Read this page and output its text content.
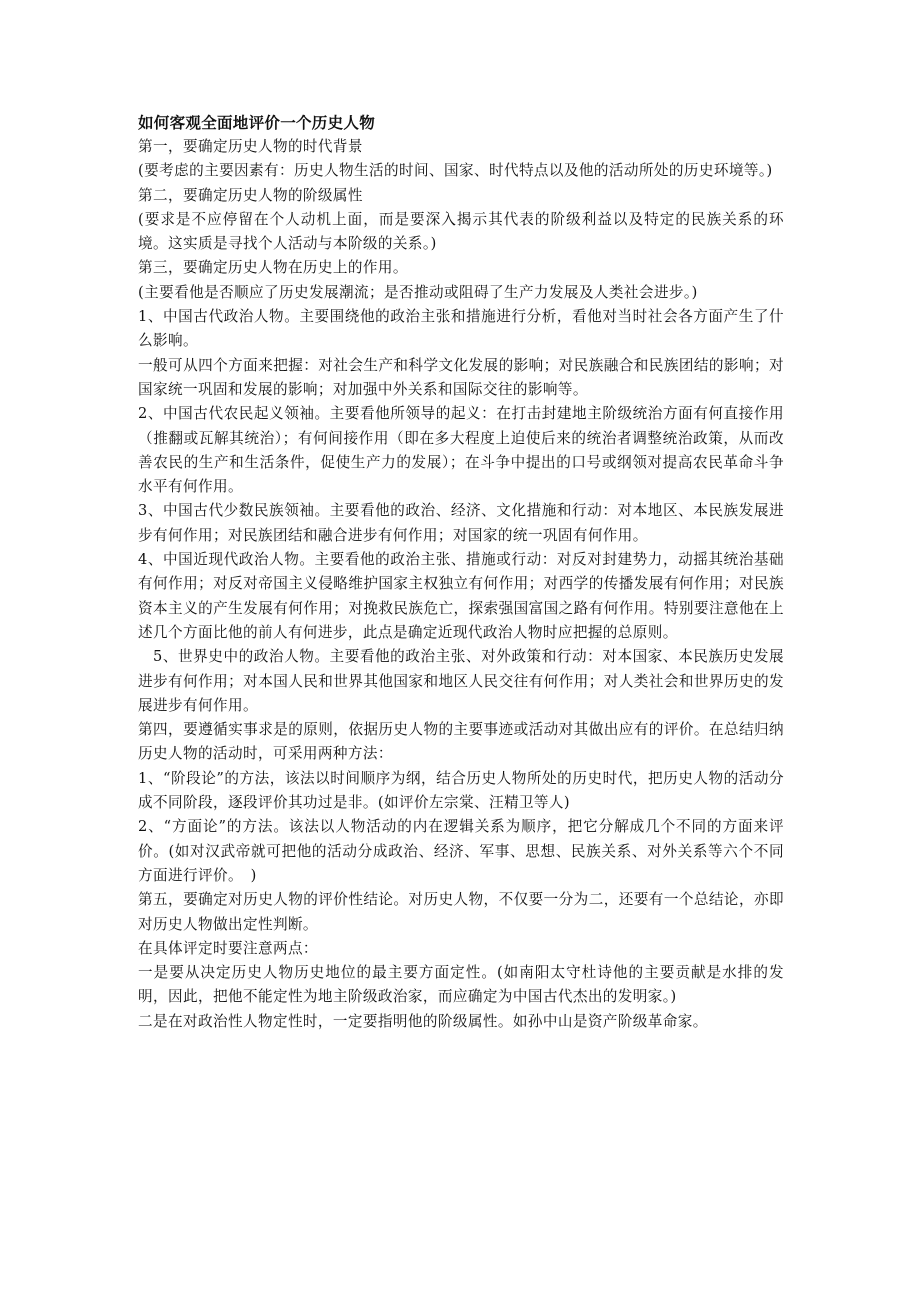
如何客观全面地评价一个历史人物

第一，要确定历史人物的时代背景

(要考虑的主要因素有：历史人物生活的时间、国家、时代特点以及他的活动所处的历史环境等。)

第二，要确定历史人物的阶级属性

(要求是不应停留在个人动机上面，而是要深入揭示其代表的阶级利益以及特定的民族关系的环境。这实质是寻找个人活动与本阶级的关系。)

第三，要确定历史人物在历史上的作用。

(主要看他是否顺应了历史发展潮流；是否推动或阻碍了生产力发展及人类社会进步。)

1、中国古代政治人物。主要围绕他的政治主张和措施进行分析，看他对当时社会各方面产生了什么影响。

一般可从四个方面来把握：对社会生产和科学文化发展的影响；对民族融合和民族团结的影响；对国家统一巩固和发展的影响；对加强中外关系和国际交往的影响等。

2、中国古代农民起义领袖。主要看他所领导的起义：在打击封建地主阶级统治方面有何直接作用（推翻或瓦解其统治）；有何间接作用（即在多大程度上迫使后来的统治者调整统治政策，从而改善农民的生产和生活条件，促使生产力的发展）；在斗争中提出的口号或纲领对提高农民革命斗争水平有何作用。

3、中国古代少数民族领袖。主要看他的政治、经济、文化措施和行动：对本地区、本民族发展进步有何作用；对民族团结和融合进步有何作用；对国家的统一巩固有何作用。

4、中国近现代政治人物。主要看他的政治主张、措施或行动：对反对封建势力，动摇其统治基础有何作用；对反对帝国主义侵略维护国家主权独立有何作用；对西学的传播发展有何作用；对民族资本主义的产生发展有何作用；对挽救民族危亡，探索强国富国之路有何作用。特别要注意他在上述几个方面比他的前人有何进步，此点是确定近现代政治人物时应把握的总原则。

5、世界史中的政治人物。主要看他的政治主张、对外政策和行动：对本国家、本民族历史发展进步有何作用；对本国人民和世界其他国家和地区人民交往有何作用；对人类社会和世界历史的发展进步有何作用。

第四，要遵循实事求是的原则，依据历史人物的主要事迹或活动对其做出应有的评价。在总结归纳历史人物的活动时，可采用两种方法：

1、“阶段论”的方法，该法以时间顺序为纲，结合历史人物所处的历史时代，把历史人物的活动分成不同阶段，逐段评价其功过是非。(如评价左宗棠、汪精卫等人)

2、“方面论”的方法。该法以人物活动的内在逻辑关系为顺序，把它分解成几个不同的方面来评价。(如对汉武帝就可把他的活动分成政治、经济、军事、思想、民族关系、对外关系等六个不同方面进行评价。　)

第五，要确定对历史人物的评价性结论。对历史人物，不仅要一分为二，还要有一个总结论，亦即对历史人物做出定性判断。

在具体评定时要注意两点：

一是要从决定历史人物历史地位的最主要方面定性。(如南阳太守杜诗他的主要贡献是水排的发明，因此，把他不能定性为地主阶级政治家，而应确定为中国古代杰出的发明家。)

二是在对政治性人物定性时，一定要指明他的阶级属性。如孙中山是资产阶级革命家。
